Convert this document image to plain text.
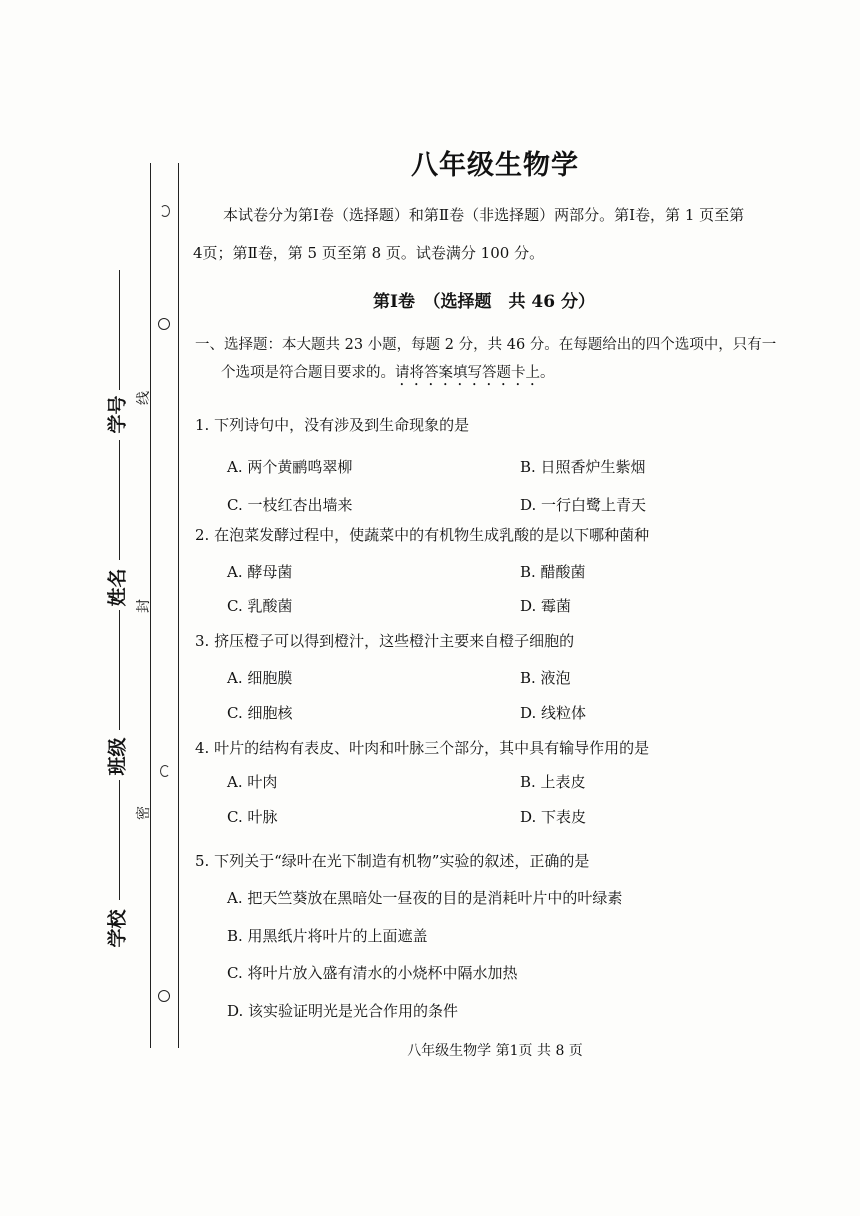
学号
姓名
班级
学校
线
封
密
八年级生物学

本试卷分为第Ⅰ卷（选择题）和第Ⅱ卷（非选择题）两部分。第Ⅰ卷，第 1 页至第

4页；第Ⅱ卷，第 5 页至第 8 页。试卷满分 100 分。

第Ⅰ卷　（选择题　共 46 分）
一、选择题：本大题共 23 小题，每题 2 分，共 46 分。在每题给出的四个选项中，只有一
个选项是符合题目要求的。请将答案填写答题卡上。
1. 下列诗句中，没有涉及到生命现象的是
A. 两个黄鹂鸣翠柳	B. 日照香炉生紫烟
C. 一枝红杏出墙来	D. 一行白鹭上青天
2. 在泡菜发酵过程中，使蔬菜中的有机物生成乳酸的是以下哪种菌种
A. 酵母菌	B. 醋酸菌
C. 乳酸菌	D. 霉菌
3. 挤压橙子可以得到橙汁，这些橙汁主要来自橙子细胞的
A. 细胞膜	B. 液泡
C. 细胞核	D. 线粒体
4. 叶片的结构有表皮、叶肉和叶脉三个部分，其中具有输导作用的是
A. 叶肉	B. 上表皮
C. 叶脉	D. 下表皮
5. 下列关于“绿叶在光下制造有机物”实验的叙述，正确的是
A. 把天竺葵放在黑暗处一昼夜的目的是消耗叶片中的叶绿素
B. 用黑纸片将叶片的上面遮盖
C. 将叶片放入盛有清水的小烧杯中隔水加热
D. 该实验证明光是光合作用的条件
八年级生物学 第1页 共 8 页
